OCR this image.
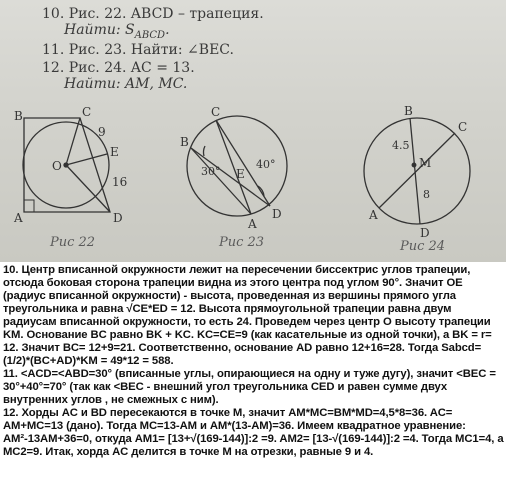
10. Рис. 22. ABCD – трапеция.
Найти: $S_{ABCD}$.
11. Рис. 23. Найти: ∠BEC.
12. Рис. 24. AC = 13.
Найти: AM, MC.
B	C
O
A	D
E
9
16
Рис 22
B
C
A
D
E
40°
30°
Рис 23
B
C
A
D
M
4.5
8
Рис 24

10. Центр вписанной окружности лежит на пересечении биссектрис углов трапеции, отсюда боковая сторона трапеции видна из этого центра под углом 90°. Значит OE (радиус вписанной окружности) - высота, проведенная из вершины прямого угла треугольника и равна √CE*ED = 12. Высота прямоугольной трапеции равна двум радиусам вписанной окружности, то есть 24. Проведем через центр O высоту трапеции KM. Основание BC равно BK + KC. KC=CE=9 (как касательные из одной точки), а BK = r= 12. Значит BC= 12+9=21. Соответственно, основание AD равно 12+16=28. Тогда Sabcd=(1/2)*(BC+AD)*KM = 49*12 = 588.

11. <ACD=<ABD=30° (вписанные углы, опирающиеся на одну и туже дугу), значит <BEC = 30°+40°=70° (так как <BEC - внешний угол треугольника CED и равен сумме двух внутренних углов , не смежных с ним).

12. Хорды AC и BD пересекаются в точке M, значит AM*MC=BM*MD=4,5*8=36. AC= AM+MC=13 (дано). Тогда MC=13-AM и AM*(13-AM)=36. Имеем квадратное уравнение: AM²-13AM+36=0, откуда AM1= [13+√(169-144)]:2 =9. AM2= [13-√(169-144)]:2 =4. Тогда MC1=4, а MC2=9. Итак, хорда AC делится в точке M на отрезки, равные 9 и 4.
